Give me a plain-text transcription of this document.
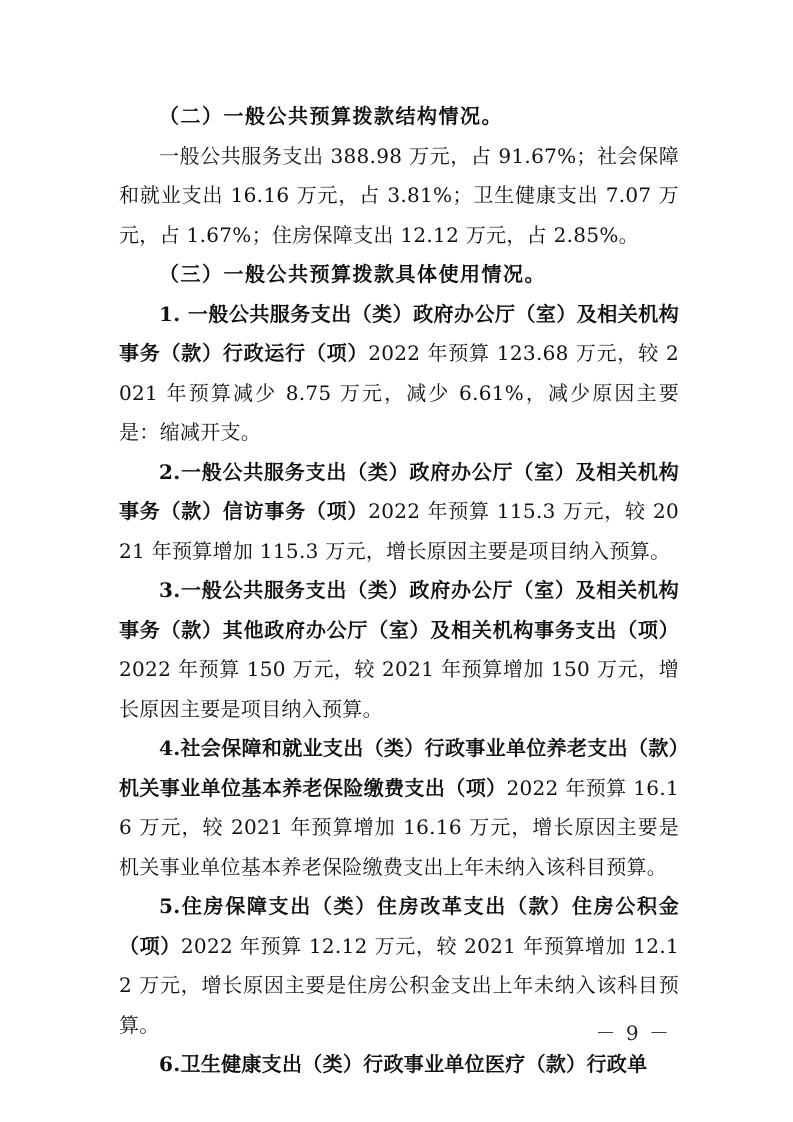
（二）一般公共预算拨款结构情况。

一般公共服务支出 388.98 万元，占 91.67%；社会保障和就业支出 16.16 万元，占 3.81%；卫生健康支出 7.07 万元，占 1.67%；住房保障支出 12.12 万元，占 2.85%。

（三）一般公共预算拨款具体使用情况。

1. 一般公共服务支出（类）政府办公厅（室）及相关机构事务（款）行政运行（项）2022 年预算 123.68 万元，较 2021 年预算减少 8.75 万元，减少 6.61%，减少原因主要是：缩减开支。

2.一般公共服务支出（类）政府办公厅（室）及相关机构事务（款）信访事务（项）2022 年预算 115.3 万元，较 2021 年预算增加 115.3 万元，增长原因主要是项目纳入预算。

3.一般公共服务支出（类）政府办公厅（室）及相关机构事务（款）其他政府办公厅（室）及相关机构事务支出（项）2022 年预算 150 万元，较 2021 年预算增加 150 万元，增长原因主要是项目纳入预算。

4.社会保障和就业支出（类）行政事业单位养老支出（款）机关事业单位基本养老保险缴费支出（项）2022 年预算 16.16 万元，较 2021 年预算增加 16.16 万元，增长原因主要是机关事业单位基本养老保险缴费支出上年未纳入该科目预算。

5.住房保障支出（类）住房改革支出（款）住房公积金（项）2022 年预算 12.12 万元，较 2021 年预算增加 12.12 万元，增长原因主要是住房公积金支出上年未纳入该科目预算。

6.卫生健康支出（类）行政事业单位医疗（款）行政单

－ 9 －
